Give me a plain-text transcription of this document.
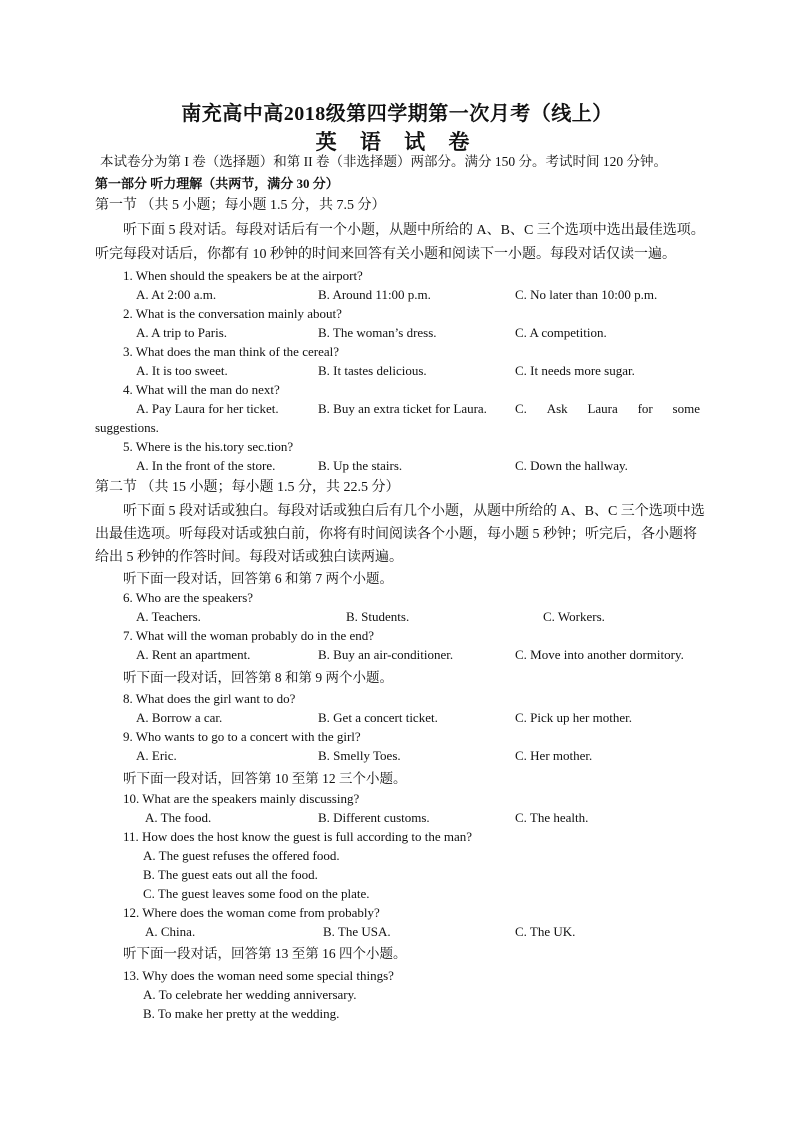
南充高中高2018级第四学期第一次月考（线上）
英 语 试 卷
本试卷分为第 I 卷（选择题）和第 II 卷（非选择题）两部分。满分 150 分。考试时间 120 分钟。
第一部分 听力理解（共两节，满分 30 分）
第一节 （共 5 小题；每小题 1.5 分，共 7.5 分）
听下面 5 段对话。每段对话后有一个小题，从题中所给的 A、B、C 三个选项中选出最佳选项。
听完每段对话后，你都有 10 秒钟的时间来回答有关小题和阅读下一小题。每段对话仅读一遍。
1. When should the speakers be at the airport?
A. At 2:00 a.m.	B. Around 11:00 p.m.	C. No later than 10:00 p.m.
2. What is the conversation mainly about?
A. A trip to Paris.	B. The woman’s dress.	C. A competition.
3. What does the man think of the cereal?
A. It is too sweet.	B. It tastes delicious.	C. It needs more sugar.
4. What will the man do next?
A. Pay Laura for her ticket.	B. Buy an extra ticket for Laura. C. Ask Laura for some
suggestions.
5. Where is the his.tory sec.tion?
A. In the front of the store.	B. Up the stairs.	C. Down the hallway.
第二节 （共 15 小题；每小题 1.5 分，共 22.5 分）
听下面 5 段对话或独白。每段对话或独白后有几个小题，从题中所给的 A、B、C 三个选项中选
出最佳选项。听每段对话或独白前，你将有时间阅读各个小题，每小题 5 秒钟；听完后，各小题将
给出 5 秒钟的作答时间。每段对话或独白读两遍。
听下面一段对话，回答第 6 和第 7 两个小题。
6. Who are the speakers?
A. Teachers.	B. Students.	C. Workers.
7. What will the woman probably do in the end?
A. Rent an apartment.	B. Buy an air-conditioner.	C. Move into another dormitory.
听下面一段对话，回答第 8 和第 9 两个小题。
8. What does the girl want to do?
A. Borrow a car.	B. Get a concert ticket.	C. Pick up her mother.
9. Who wants to go to a concert with the girl?
A. Eric.	B. Smelly Toes.	C. Her mother.
听下面一段对话，回答第 10 至第 12 三个小题。
10. What are the speakers mainly discussing?
A. The food.	B. Different customs.	C. The health.
11. How does the host know the guest is full according to the man?
A. The guest refuses the offered food.
B. The guest eats out all the food.
C. The guest leaves some food on the plate.
12. Where does the woman come from probably?
A. China.	B. The USA.	C. The UK.
听下面一段对话，回答第 13 至第 16 四个小题。
13. Why does the woman need some special things?
A. To celebrate her wedding anniversary.
B. To make her pretty at the wedding.
